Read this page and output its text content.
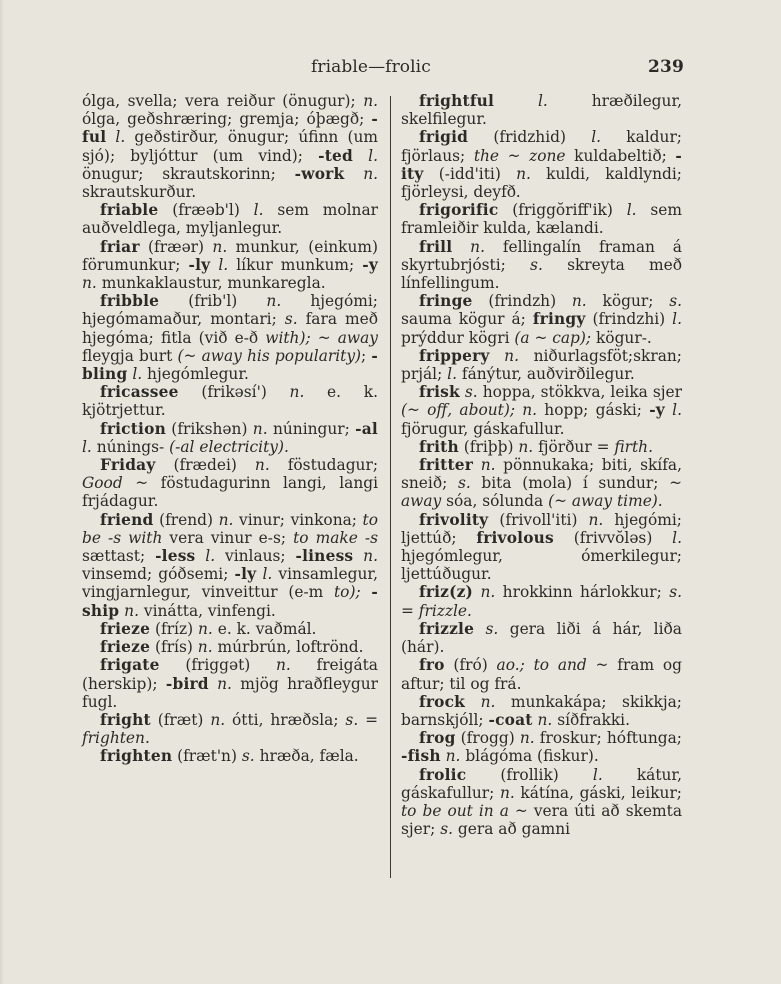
friable—frolic	239

ólga, svella; vera reiður (önugur); n. ólga, geðshræring; gremja; óþægð; -ful l. geðstirður, önugur; úfinn (um sjó); byljóttur (um vind); -ted l. önugur; skrautskorinn; -work n. skrautskurður.

friable (fræəb'l) l. sem molnar auðveldlega, myljanlegur.

friar (fræər) n. munkur, (einkum) förumunkur; -ly l. líkur munkum; -y n. munkaklaustur, munkaregla.

fribble (frib'l) n. hjegómi; hjegómamaður, montari; s. fara með hjegóma; fitla (við e-ð with); ~ away fleygja burt (~ away his popularity); -bling l. hjegómlegur.

fricassee (frikəsí') n. e. k. kjötrjettur.

friction (frikshən) n. núningur; -al l. núnings- (-al electricity).

Friday (frædei) n. föstudagur; Good ~ föstudagurinn langi, langi frjádagur.

friend (frend) n. vinur; vinkona; to be -s with vera vinur e-s; to make -s sættast; -less l. vinlaus; -liness n. vinsemd; góðsemi; -ly l. vinsamlegur, vingjarnlegur, vinveittur (e-m to); -ship n. vinátta, vinfengi.

frieze (fríz) n. e. k. vaðmál.

frieze (frís) n. múrbrún, loftrönd.

frigate (friggət) n. freigáta (herskip); -bird n. mjög hraðfleygur fugl.

fright (fræt) n. ótti, hræðsla; s. = frighten.

frighten (fræt'n) s. hræða, fæla.

frightful	l. hræðilegur, skelfilegur.

frigid (fridzhid) l. kaldur; fjörlaus; the ~ zone kuldabeltið; -ity (-idd'iti) n. kuldi, kaldlyndi; fjörleysi, deyfð.

frigorific (friggŏriff'ik) l. sem framleiðir kulda, kælandi.

frill n. fellingalín framan á skyrtubrjósti; s. skreyta með línfellingum.

fringe (frindzh) n. kögur; s. sauma kögur á; fringy (frindzhi) l. prýddur kögri (a ~ cap); kögur-.

frippery n. niðurlagsföt;skran; prjál; l. fánýtur, auðvirðilegur.

frisk s. hoppa, stökkva, leika sjer (~ off, about); n. hopp; gáski; -y l. fjörugur, gáskafullur.

frith (friþþ) n. fjörður = firth.

fritter n. pönnukaka; biti, skífa, sneið; s. bita (mola) í sundur; ~ away sóa, sólunda (~ away time).

frivolity (frivoll'iti) n. hjegómi; ljettúð; frivolous (frivvŏləs) l. hjegómlegur, ómerkilegur; ljettúðugur.

friz(z) n. hrokkinn hárlokkur; s. = frizzle.

frizzle s. gera liði á hár, liða (hár).

fro (fró) ao.; to and ~ fram og aftur; til og frá.

frock n. munkakápa; skikkja; barnskjóll; -coat n. síðfrakki.

frog (frogg) n. froskur; hóftunga; -fish n. blágóma (fiskur).

frolic (frollik) l. kátur, gáskafullur; n. kátína, gáski, leikur; to be out in a ~ vera úti að skemta sjer; s. gera að gamni
